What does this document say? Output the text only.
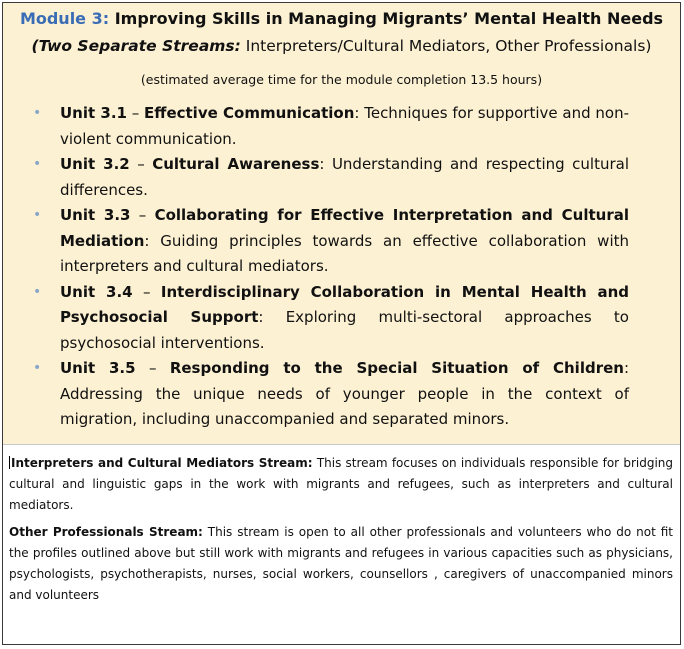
Module 3: Improving Skills in Managing Migrants’ Mental Health Needs
(Two Separate Streams: Interpreters/Cultural Mediators, Other Professionals)
(estimated average time for the module completion 13.5 hours)
• Unit 3.1 – Effective Communication: Techniques for supportive and non-violent communication.
• Unit 3.2 – Cultural Awareness: Understanding and respecting cultural differences.
• Unit 3.3 – Collaborating for Effective Interpretation and Cultural Mediation: Guiding principles towards an effective collaboration with interpreters and cultural mediators.
• Unit 3.4 – Interdisciplinary Collaboration in Mental Health and Psychosocial Support: Exploring multi-sectoral approaches to psychosocial interventions.
• Unit 3.5 – Responding to the Special Situation of Children: Addressing the unique needs of younger people in the context of migration, including unaccompanied and separated minors.

Interpreters and Cultural Mediators Stream: This stream focuses on individuals responsible for bridging cultural and linguistic gaps in the work with migrants and refugees, such as interpreters and cultural mediators.

Other Professionals Stream: This stream is open to all other professionals and volunteers who do not fit the profiles outlined above but still work with migrants and refugees in various capacities such as physicians, psychologists, psychotherapists, nurses, social workers, counsellors , caregivers of unaccompanied minors and volunteers
